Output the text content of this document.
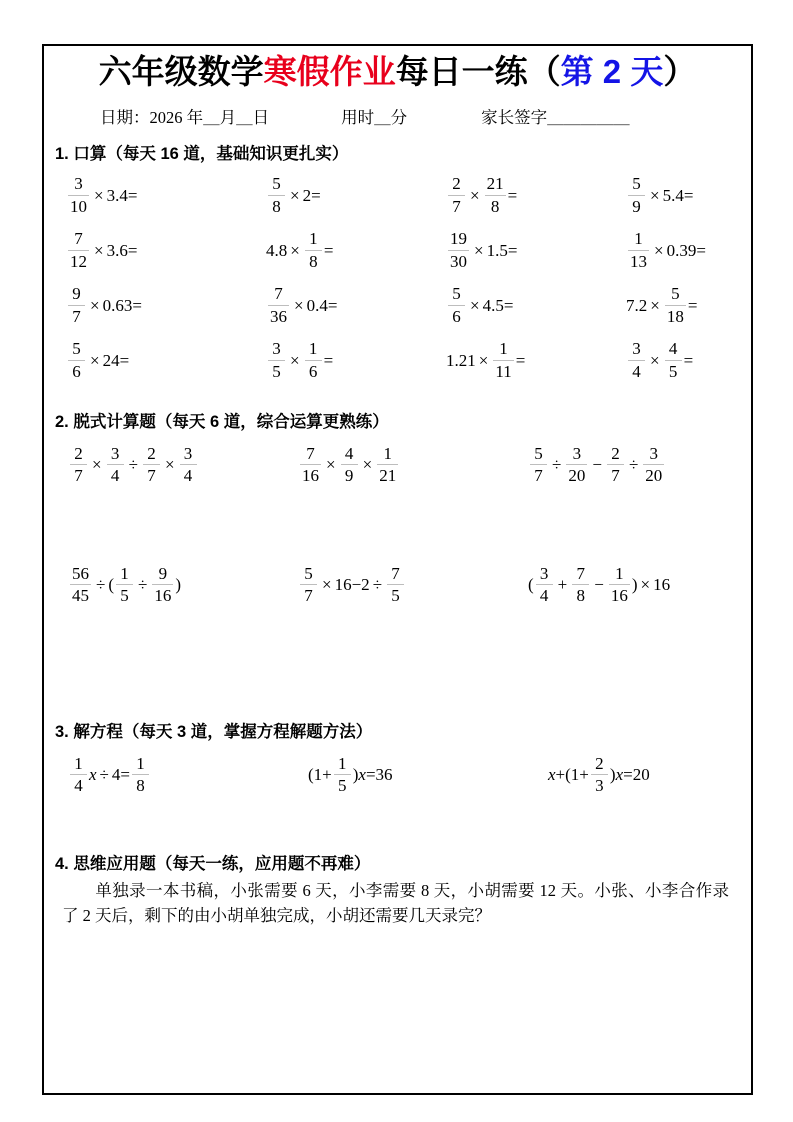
六年级数学寒假作业每日一练（第 2 天）
日期：2026 年＿月＿日	用时＿分	家长签字＿＿＿＿＿
1. 口算（每天 16 道，基础知识更扎实）
$\frac{3}{10} \times 3.4$ =	$\frac{5}{8} \times 2$ =	$\frac{2}{7} \times \frac{21}{8}$ =	$\frac{5}{9} \times 5.4$ =
$\frac{7}{12} \times 3.6$ =	$4.8 \times \frac{1}{8}$ =	$\frac{19}{30} \times 1.5$ =	$\frac{1}{13} \times 0.39$ =
$\frac{9}{7} \times 0.63$ =	$\frac{7}{36} \times 0.4$ =	$\frac{5}{6} \times 4.5$ =	$7.2 \times \frac{5}{18}$ =
$\frac{5}{6} \times 24$ =	$\frac{3}{5} \times \frac{1}{6}$ =	$1.21 \times \frac{1}{11}$ =	$\frac{3}{4} \times \frac{4}{5}$ =
2. 脱式计算题（每天 6 道，综合运算更熟练）
$\frac{2}{7} \times \frac{3}{4} \div \frac{2}{7} \times \frac{3}{4}$	$\frac{7}{16} \times \frac{4}{9} \times \frac{1}{21}$	$\frac{5}{7} \div \frac{3}{20} - \frac{2}{7} \div \frac{3}{20}$
$\frac{56}{45}$ ÷ ( $\frac{1}{5} \div \frac{9}{16}$ )	$\frac{5}{7} \times 16-2 \div \frac{7}{5}$	( $\frac{3}{4} + \frac{7}{8} - \frac{1}{16}$ ) × 16
3. 解方程（每天 3 道，掌握方程解题方法）
$\frac{1}{4}$ $x \div 4 = \frac{1}{8}$	($1+ \frac{1}{5}$ ) x =36	$x +(1+ \frac{2}{3}$ ) x =20
4. 思维应用题（每天一练，应用题不再难）
单独录一本书稿，小张需要 6 天，小李需要 8 天，小胡需要 12 天。小张、小李合作录了 2 天后，剩下的由小胡单独完成，小胡还需要几天录完？
